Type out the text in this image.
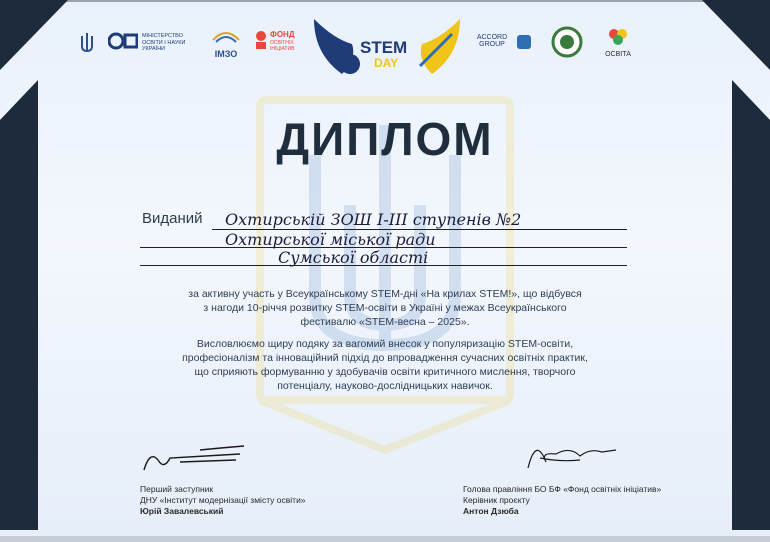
МІНІСТЕРСТВО ОСВІТИ І НАУКИ УКРАЇНИ	ІМЗО
ФОНД
ОСВІТНІХ ІНІЦІАТИВ	STEM
DAY
ACCORD
GROUP
ОСВІТА
ДИПЛОМ
Виданий Охтирській ЗОШ I-III ступенів №2
Охтирської міської ради
Сумської області
за активну участь у Всеукраїнському STEM-дні «На крилах STEM!», що відбувся
з нагоди 10-річчя розвитку STEM-освіти в Україні у межах Всеукраїнського
фестивалю «STEM-весна – 2025».
Висловлюємо щиру подяку за вагомий внесок у популяризацію STEM-освіти,
професіоналізм та інноваційний підхід до впровадження сучасних освітніх практик,
що сприяють формуванню у здобувачів освіти критичного мислення, творчого
потенціалу, науково-дослідницьких навичок.
Перший заступник
ДНУ «Інститут модернізації змісту освіти»
Юрій Завалевський
Голова правління БО БФ «Фонд освітніх ініціатив»
Керівник проєкту
Антон Дзюба
